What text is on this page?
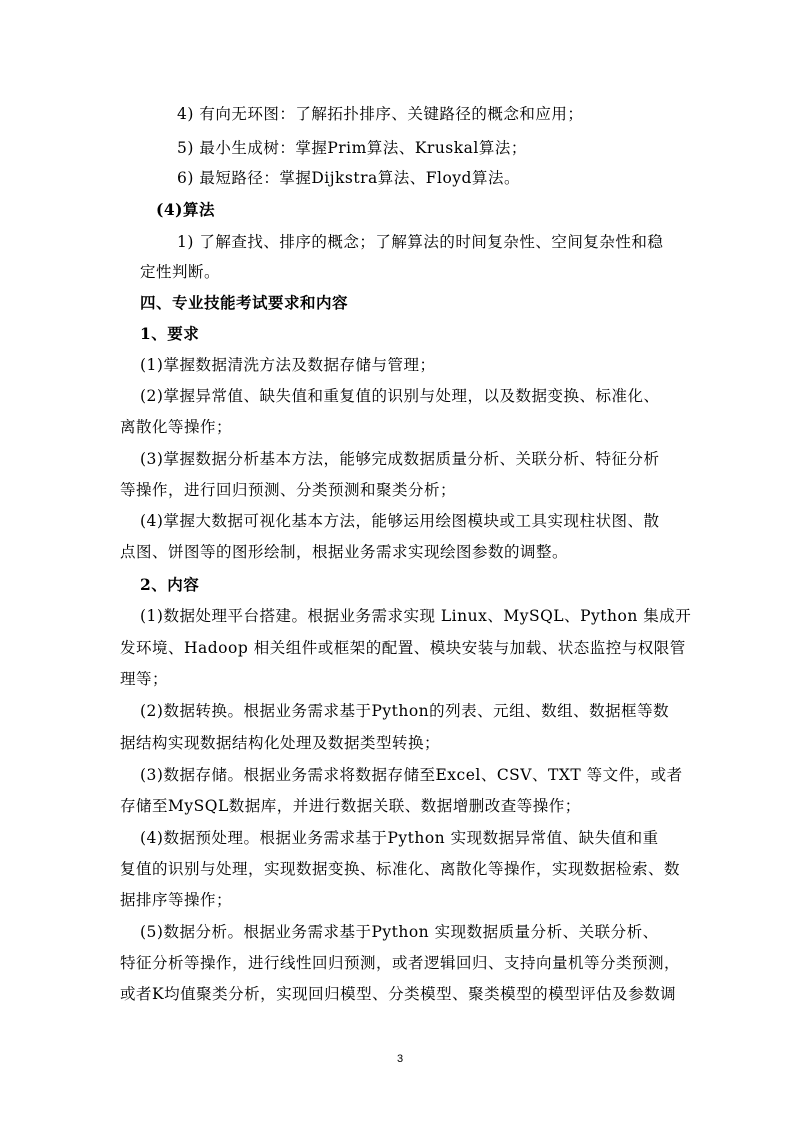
4) 有向无环图：了解拓扑排序、关键路径的概念和应用；
5) 最小生成树：掌握Prim算法、Kruskal算法；
6) 最短路径：掌握Dijkstra算法、Floyd算法。
(4)算法
1) 了解查找、排序的概念；了解算法的时间复杂性、空间复杂性和稳
定性判断。
四、专业技能考试要求和内容
1、要求
(1)掌握数据清洗方法及数据存储与管理；
(2)掌握异常值、缺失值和重复值的识别与处理，以及数据变换、标准化、
离散化等操作；
(3)掌握数据分析基本方法，能够完成数据质量分析、关联分析、特征分析
等操作，进行回归预测、分类预测和聚类分析；
(4)掌握大数据可视化基本方法，能够运用绘图模块或工具实现柱状图、散
点图、饼图等的图形绘制，根据业务需求实现绘图参数的调整。
2、内容
(1)数据处理平台搭建。根据业务需求实现 Linux、MySQL、Python 集成开
发环境、Hadoop 相关组件或框架的配置、模块安装与加载、状态监控与权限管
理等；
(2)数据转换。根据业务需求基于Python的列表、元组、数组、数据框等数
据结构实现数据结构化处理及数据类型转换；
(3)数据存储。根据业务需求将数据存储至Excel、CSV、TXT 等文件，或者
存储至MySQL数据库，并进行数据关联、数据增删改查等操作；
(4)数据预处理。根据业务需求基于Python 实现数据异常值、缺失值和重
复值的识别与处理，实现数据变换、标准化、离散化等操作，实现数据检索、数
据排序等操作；
(5)数据分析。根据业务需求基于Python 实现数据质量分析、关联分析、
特征分析等操作，进行线性回归预测，或者逻辑回归、支持向量机等分类预测，
或者K均值聚类分析，实现回归模型、分类模型、聚类模型的模型评估及参数调
3
